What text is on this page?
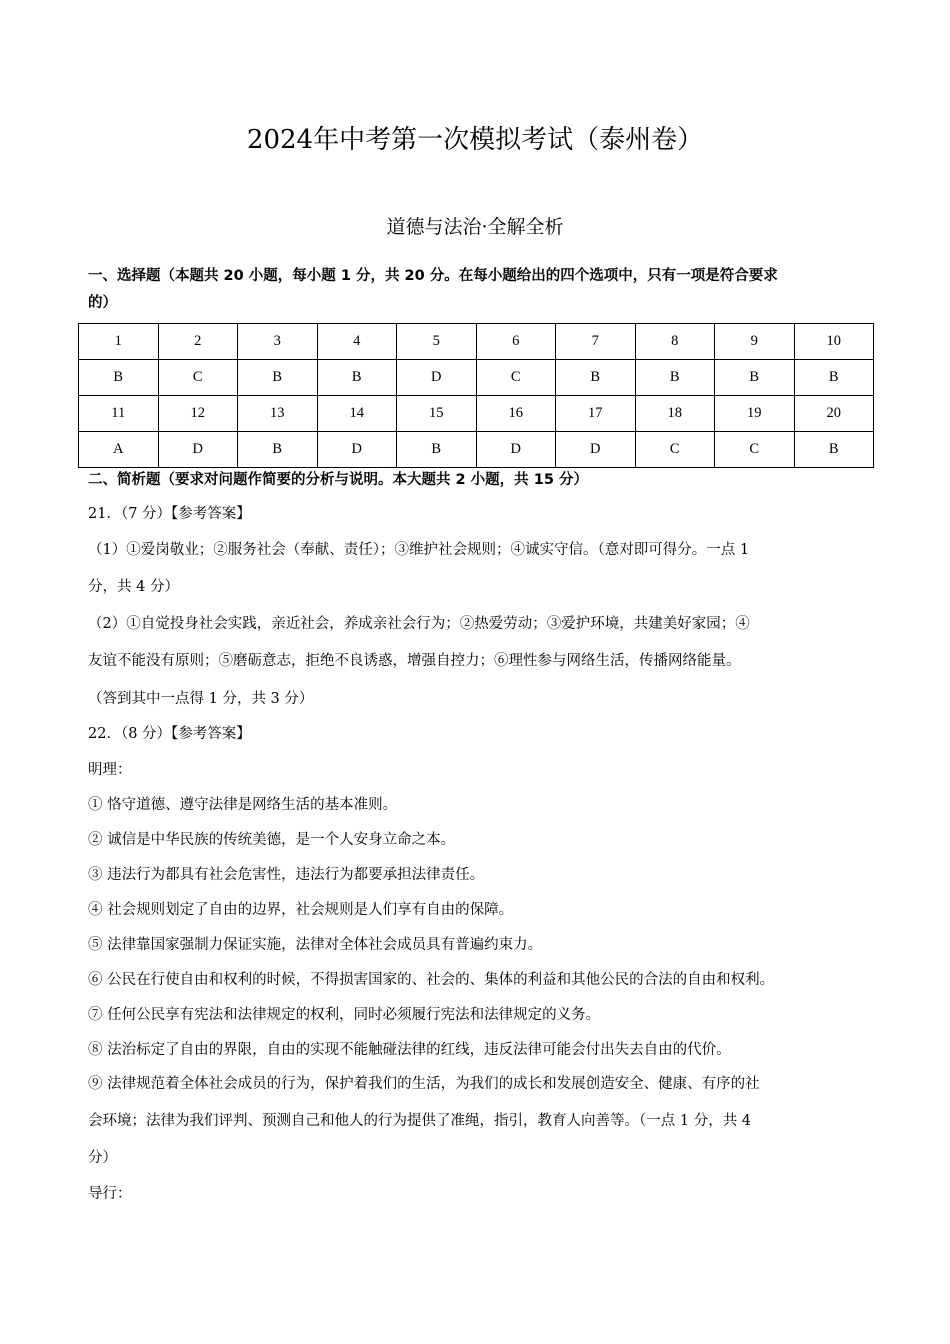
2024年中考第一次模拟考试（泰州卷）
道德与法治·全解全析
一、选择题（本题共 20 小题，每小题 1 分，共 20 分。在每小题给出的四个选项中，只有一项是符合要求
的）
1	2	3	4	5	6	7	8	9	10
B	C	B	B	D	C	B	B	B	B
11	12	13	14	15	16	17	18	19	20
A	D	B	D	B	D	D	C	C	B
二、简析题（要求对问题作简要的分析与说明。本大题共 2 小题，共 15 分）
21．（7 分）【参考答案】
（1）①爱岗敬业；②服务社会（奉献、责任）；③维护社会规则；④诚实守信。（意对即可得分。一点 1
分，共 4 分）
（2）①自觉投身社会实践，亲近社会，养成亲社会行为；②热爱劳动；③爱护环境，共建美好家园；④
友谊不能没有原则；⑤磨砺意志，拒绝不良诱惑，增强自控力；⑥理性参与网络生活，传播网络能量。
（答到其中一点得 1 分，共 3 分）
22．（8 分）【参考答案】
明理：
① 恪守道德、遵守法律是网络生活的基本准则。
② 诚信是中华民族的传统美德，是一个人安身立命之本。
③ 违法行为都具有社会危害性，违法行为都要承担法律责任。
④ 社会规则划定了自由的边界，社会规则是人们享有自由的保障。
⑤ 法律靠国家强制力保证实施，法律对全体社会成员具有普遍约束力。
⑥ 公民在行使自由和权利的时候，不得损害国家的、社会的、集体的利益和其他公民的合法的自由和权利。
⑦ 任何公民享有宪法和法律规定的权利，同时必须履行宪法和法律规定的义务。
⑧ 法治标定了自由的界限，自由的实现不能触碰法律的红线，违反法律可能会付出失去自由的代价。
⑨ 法律规范着全体社会成员的行为，保护着我们的生活，为我们的成长和发展创造安全、健康、有序的社
会环境；法律为我们评判、预测自己和他人的行为提供了准绳，指引，教育人向善等。（一点 1 分，共 4
分）
导行：
